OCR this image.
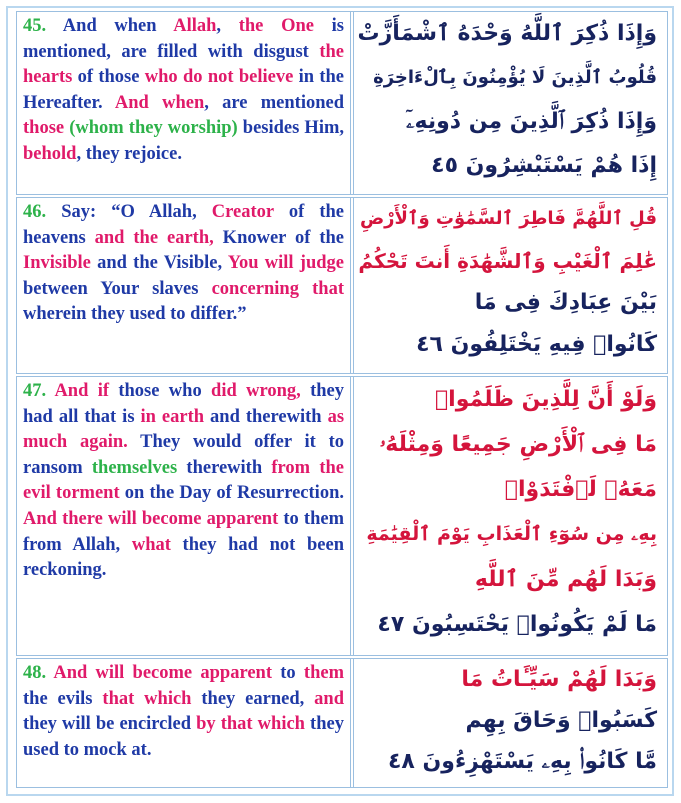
45. And when Allah, the One is mentioned, are filled with disgust the hearts of those who do not believe in the Hereafter. And when, are mentioned those (whom they worship) besides Him, behold, they rejoice.

وَإِذَا ذُكِرَ ٱللَّهُ وَحْدَهُ ٱشْمَأَزَّتْ

قُلُوبُ ٱلَّذِينَ لَا يُؤْمِنُونَ بِٱلْءَاخِرَةِ

وَإِذَا ذُكِرَ ٱلَّذِينَ مِن دُونِهِۦٓ

إِذَا هُمْ يَسْتَبْشِرُونَ ٤٥

46. Say: “O Allah, Creator of the heavens and the earth, Knower of the Invisible and the Visible, You will judge between Your slaves concerning that wherein they used to differ.”

قُلِ ٱللَّهُمَّ فَاطِرَ ٱلسَّمَٰوَٰتِ وَٱلْأَرْضِ

عَٰلِمَ ٱلْغَيْبِ وَٱلشَّهَٰدَةِ أَنتَ تَحْكُمُ

بَيْنَ عِبَادِكَ فِى مَا

كَانُوا۟ فِيهِ يَخْتَلِفُونَ ٤٦

47. And if those who did wrong, they had all that is in earth and therewith as much again. They would offer it to ransom themselves therewith from the evil torment on the Day of Resurrection. And there will become apparent to them from Allah, what they had not been reckoning.

وَلَوْ أَنَّ لِلَّذِينَ ظَلَمُوا۟

مَا فِى ٱلْأَرْضِ جَمِيعًا وَمِثْلَهُۥ

مَعَهُۥ لَٱفْتَدَوْا۟

بِهِۦ مِن سُوٓءِ ٱلْعَذَابِ يَوْمَ ٱلْقِيَٰمَةِ

وَبَدَا لَهُم مِّنَ ٱللَّهِ

مَا لَمْ يَكُونُوا۟ يَحْتَسِبُونَ ٤٧

48. And will become apparent to them the evils that which they earned, and they will be encircled by that which they used to mock at.

وَبَدَا لَهُمْ سَيِّـَٔاتُ مَا

كَسَبُوا۟ وَحَاقَ بِهِم

مَّا كَانُوا۟ بِهِۦ يَسْتَهْزِءُونَ ٤٨
